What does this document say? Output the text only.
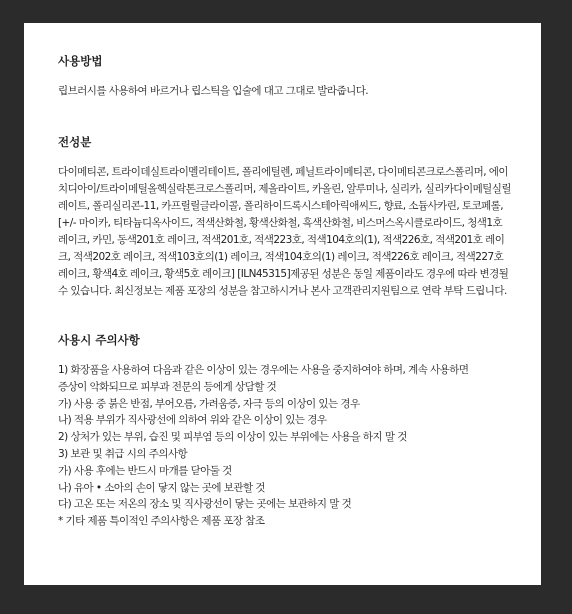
사용방법

립브러시를 사용하여 바르거나 립스틱을 입술에 대고 그대로 발라줍니다.

전성분

다이메티콘, 트라이데실트라이멜리테이트, 폴리에틸렌, 페닐트라이메티콘, 다이메티콘크로스폴리머, 에이치디아이/트라이메틸올헥실락톤크로스폴리머, 제올라이트, 카올린, 알루미나, 실리카, 실리카다이메틸실릴레이트, 폴리실리콘-11, 카프릴릴글라이콜, 폴리하이드록시스테아릭애씨드, 향료, 소듐사카린, 토코페롤, [+/- 마이카, 티타늄디옥사이드, 적색산화철, 황색산화철, 흑색산화철, 비스머스옥시클로라이드, 청색1호 레이크, 카민, 동색201호 레이크, 적색201호, 적색223호, 적색104호의(1), 적색226호, 적색201호 레이크, 적색202호 레이크, 적색103호의(1) 레이크, 적색104호의(1) 레이크, 적색226호 레이크, 적색227호 레이크, 황색4호 레이크, 황색5호 레이크] [ILN45315]제공된 성분은 동일 제품이라도 경우에 따라 변경될 수 있습니다. 최신정보는 제품 포장의 성분을 참고하시거나 본사 고객관리지원팀으로 연락 부탁 드립니다.

사용시 주의사항
1) 화장품을 사용하여 다음과 같은 이상이 있는 경우에는 사용을 중지하여야 하며, 계속 사용하면
증상이 악화되므로 피부과 전문의 등에게 상담할 것
가) 사용 중 붉은 반점, 부어오름, 가려움증, 자극 등의 이상이 있는 경우
나) 적용 부위가 직사광선에 의하여 위와 같은 이상이 있는 경우
2) 상처가 있는 부위, 습진 및 피부염 등의 이상이 있는 부위에는 사용을 하지 말 것
3) 보관 및 취급 시의 주의사항
가) 사용 후에는 반드시 마개를 닫아둘 것
나) 유아 • 소아의 손이 닿지 않는 곳에 보관할 것
다) 고온 또는 저온의 장소 및 직사광선이 닿는 곳에는 보관하지 말 것
* 기타 제품 특이적인 주의사항은 제품 포장 참조
